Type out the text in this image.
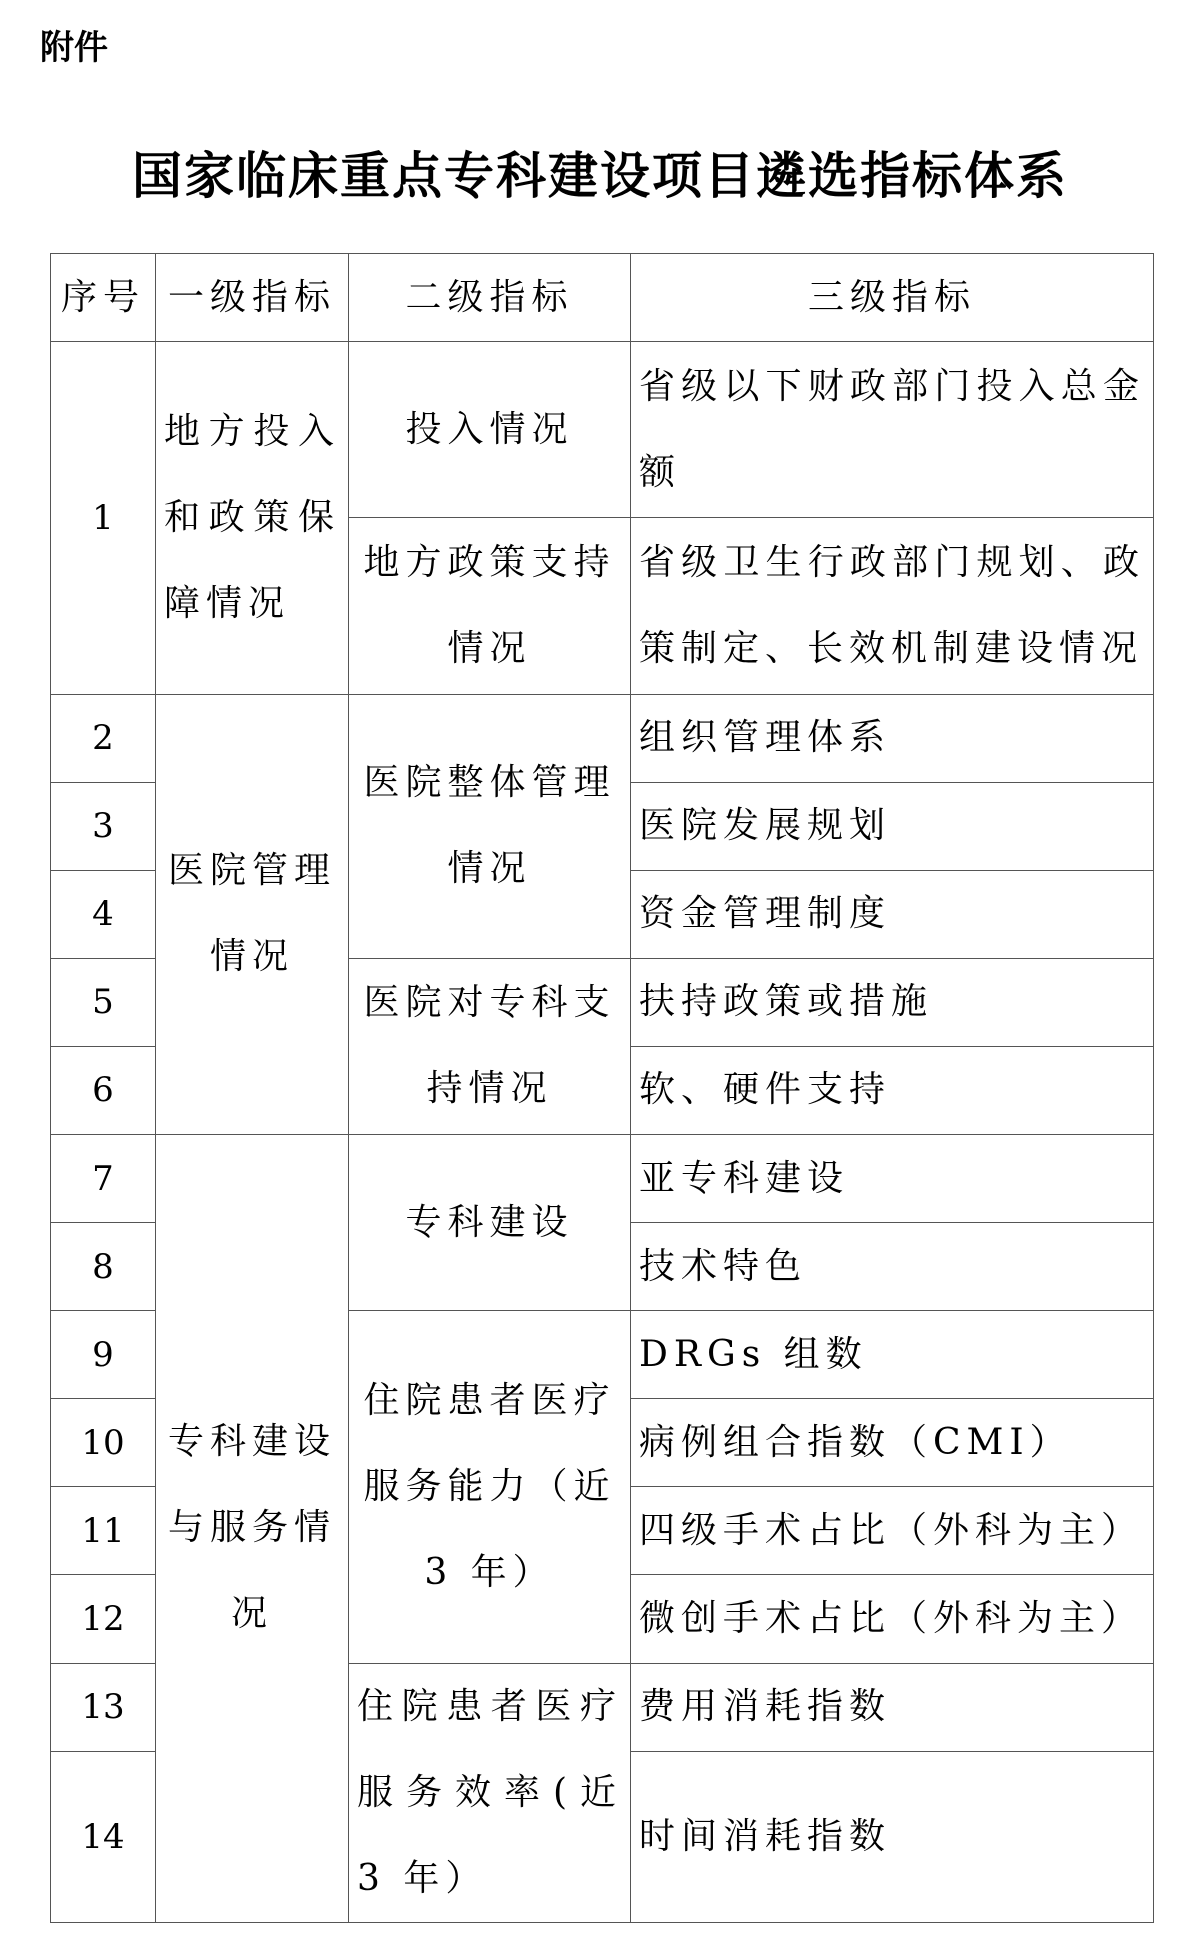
附件
国家临床重点专科建设项目遴选指标体系
序号	一级指标	二级指标	三级指标
1	地方投入和政策保障情况	投入情况	省级以下财政部门投入总金额
		地方政策支持情况	省级卫生行政部门规划、政策制定、长效机制建设情况
2	医院管理情况	医院整体管理情况	组织管理体系
3			医院发展规划
4			资金管理制度
5		医院对专科支持情况	扶持政策或措施
6			软、硬件支持
7	专科建设与服务情况	专科建设	亚专科建设
8			技术特色
9		住院患者医疗服务能力（近 3 年）	DRGs 组数
10			病例组合指数（CMI）
11			四级手术占比（外科为主）
12			微创手术占比（外科为主）
13		住院患者医疗服务效率(近 3 年）	费用消耗指数
14			时间消耗指数
